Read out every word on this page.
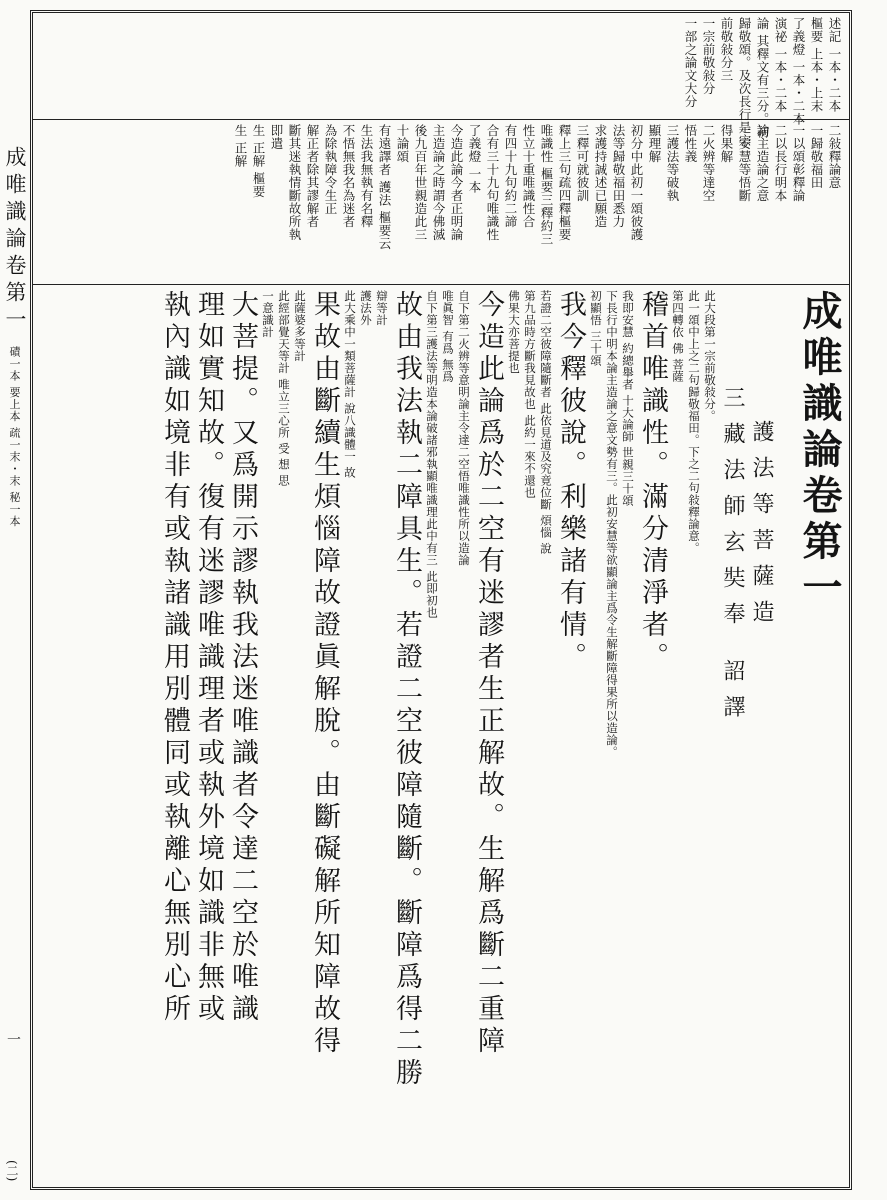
成唯識論卷第一
磧一本 要上本 疏一末・末 秘一本
一
(二)
述記 一本・二本
樞要 上本・上末
了義燈 一本・二本
演祕 一本・二本
論 其釋文有三分。初
歸敬頌。及次長行是宗
前敬敍分三
一宗前敬敍分
一部之論文大分
二敍釋論意
一歸敬福田
一以頌彰釋論
二以長行明本
論主造論之意
一安慧等悟斷
得果解
二火辨等達空
悟性義
三護法等破執
顯理解
初分中此初一頌彼護
法等歸敬福田悉力
求護持誠述已願造
三釋可就彼訓
釋上三句疏四釋樞要
唯識性 樞要三釋約三
性立十重唯識性合
有四十九句約二諦
合有三十九句唯識性
了義燈 一本
今造此論今者正明論
主造論之時謂今佛滅
後九百年世親造此三
十論頌
有遠譯者 護法 樞要云
生法我無執有名釋
不悟無我名為迷者
為除執障令生正
解正者除其謬解者
斷其迷執情斷故所執
即遣
生 正解 樞要
生 正解
成唯識論卷第一
護法等菩薩造
三藏法師玄奘奉 詔譯
此大段第一宗前敬敍分。
此一頌中上之二句歸敬福田。下之二句敍釋論意。
第四轉依 佛 菩薩
稽首唯識性。滿分清淨者。
我即安慧 約總舉者 十大論師 世親三十頌
下長行中明本論主造論之意文勢有三。此初安慧等欲顯論主爲令生解斷障得果所以造論。
初顯悟 三十頌
我今釋彼說。利樂諸有情。
若證二空彼障隨斷者 此依見道及究竟位斷 煩惱 說
第九品時方斷我見故也 此約一來不還也
佛果大亦菩提也
今造此論爲於二空有迷謬者生正解故。生解爲斷二重障
自下第二火辨等意明論主令達二空悟唯識性所以造論
唯眞智 有爲 無爲
自下第三護法等明造本論破諸邪執顯唯識理此中有三 此即初也
故由我法執二障具生。若證二空彼障隨斷。斷障爲得二勝
辯等計
護法外
此大乘中一類菩薩計 說八識體一 故
果故由斷續生煩惱障故證眞解脫。由斷礙解所知障故得
此薩婆多等計
此經部覺天等計 唯立三心所 受 想 思
一意識計
大菩提。又爲開示謬執我法迷唯識者令達二空於唯識
理如實知故。復有迷謬唯識理者或執外境如識非無或
執內識如境非有或執諸識用別體同或執離心無別心所
